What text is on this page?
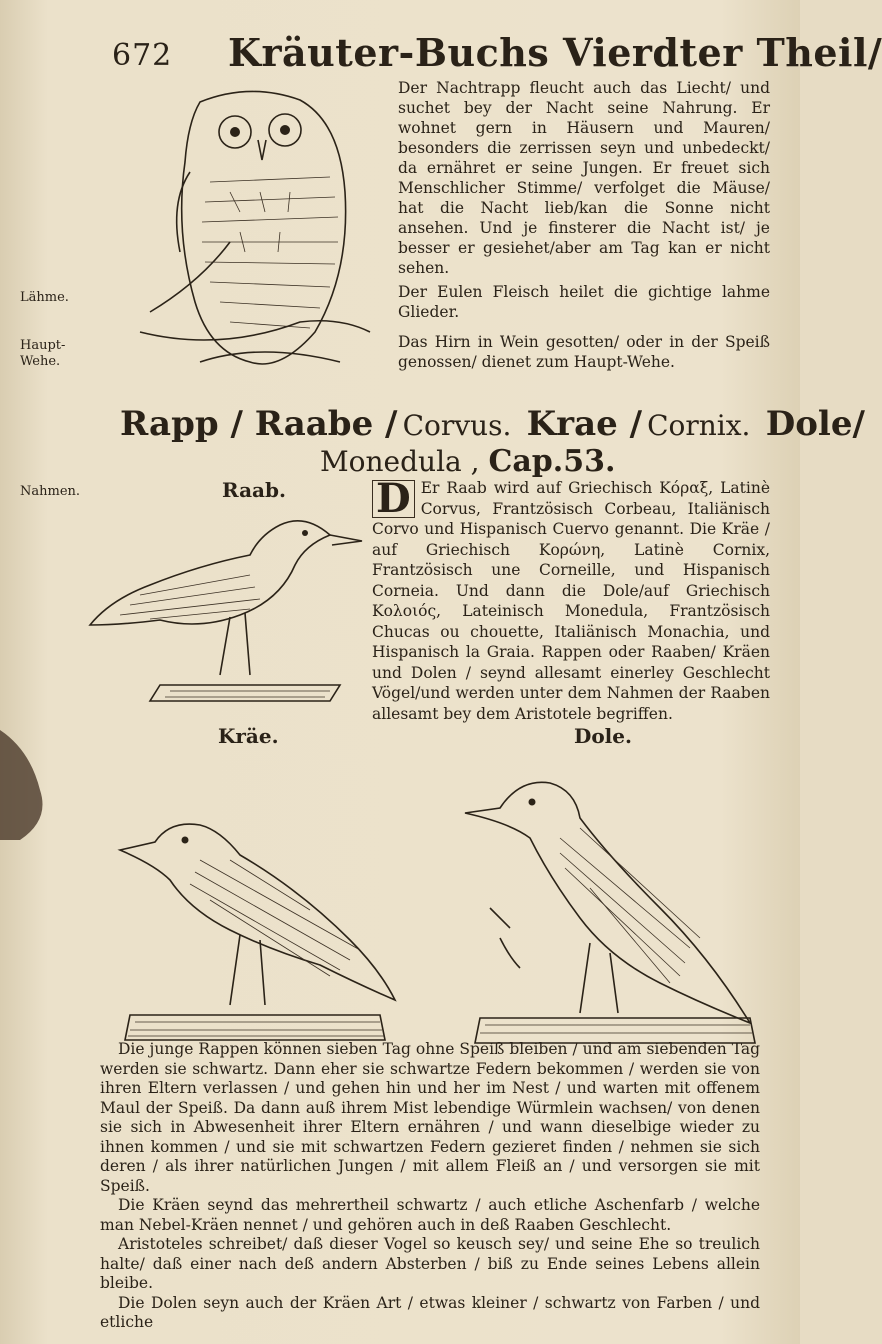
672 Kräuter-Buchs Vierdter Theil/
Der Nachtrapp fleucht auch das Liecht/ und suchet bey der Nacht seine Nahrung. Er wohnet gern in Häusern und Mauren/ besonders die zerrissen seyn und unbedeckt/ da ernähret er seine Jungen. Er freuet sich Menschlicher Stimme/ verfolget die Mäuse/ hat die Nacht lieb/kan die Sonne nicht ansehen. Und je finsterer die Nacht ist/ je besser er gesiehet/aber am Tag kan er nicht sehen.
Der Eulen Fleisch heilet die gichtige lahme Glieder.
Das Hirn in Wein gesotten/ oder in der Speiß genossen/ dienet zum Haupt-Wehe.
Lähme.
Haupt-Wehe.
Rapp / Raabe / Corvus. Krae / Cornix. Dole/
Monedula , Cap.53.
Nahmen.	Raab. D Er Raab wird auf Griechisch Κόραξ, Latinè Corvus, Frantzösisch Corbeau, Italiänisch Corvo und Hispanisch Cuervo genannt. Die Kräe / auf Griechisch Κορώνη, Latinè Cornix, Frantzösisch une Corneille, und Hispanisch Corneia. Und dann die Dole/auf Griechisch Κολοιός, Lateinisch Monedula, Frantzösisch Chucas ou chouette, Italiänisch Monachia, und Hispanisch la Graia. Rappen oder Raaben/ Kräen und Dolen / seynd allesamt einerley Geschlecht Vögel/und werden unter dem Nahmen der Raaben allesamt bey dem Aristotele begriffen.
Kräe.	Dole.

Die junge Rappen können sieben Tag ohne Speiß bleiben / und am siebenden Tag werden sie schwartz. Dann eher sie schwartze Federn bekommen / werden sie von ihren Eltern verlassen / und gehen hin und her im Nest / und warten mit offenem Maul der Speiß. Da dann auß ihrem Mist lebendige Würmlein wachsen/ von denen sie sich in Abwesenheit ihrer Eltern ernähren / und wann dieselbige wieder zu ihnen kommen / und sie mit schwartzen Federn gezieret finden / nehmen sie sich deren / als ihrer natürlichen Jungen / mit allem Fleiß an / und versorgen sie mit Speiß.

Die Kräen seynd das mehrertheil schwartz / auch etliche Aschenfarb / welche man Nebel-Kräen nennet / und gehören auch in deß Raaben Geschlecht.

Aristoteles schreibet/ daß dieser Vogel so keusch sey/ und seine Ehe so treulich halte/ daß einer nach deß andern Absterben / biß zu Ende seines Lebens allein bleibe.

Die Dolen seyn auch der Kräen Art / etwas kleiner / schwartz von Farben / und etliche
